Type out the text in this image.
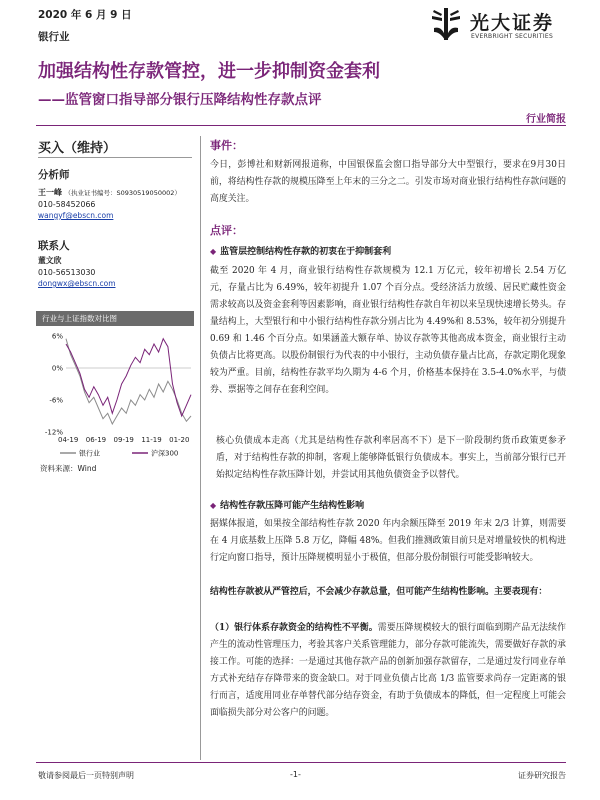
2020 年 6 月 9 日
银行业
光大证券
EVERBRIGHT SECURITIES
加强结构性存款管控，进一步抑制资金套利
——监管窗口指导部分银行压降结构性存款点评
行业简报
买入（维持）
分析师
王一峰 （执业证书编号：S0930519050002）
010-58452066
wangyf@ebscn.com
联系人
董文欣
010-56513030
dongwx@ebscn.com
行业与上证指数对比图
6%
0%
-6%
-12%
04-19 06-19 09-19 11-19 01-20
银行业	沪深300
资料来源：Wind
事件：

今日，彭博社和财新网报道称，中国银保监会窗口指导部分大中型银行，要求在9月30日前，将结构性存款的规模压降至上年末的三分之二。引发市场对商业银行结构性存款问题的高度关注。

点评：
◆ 监管层控制结构性存款的初衷在于抑制套利

截至 2020 年 4 月，商业银行结构性存款规模为 12.1 万亿元，较年初增长 2.54 万亿元，存量占比为 6.49%，较年初提升 1.07 个百分点。受经济活力放缓、居民贮藏性资金需求较高以及资金套利等因素影响，商业银行结构性存款自年初以来呈现快速增长势头。存量结构上，大型银行和中小银行结构性存款分别占比为 4.49%和 8.53%，较年初分别提升 0.69 和 1.46 个百分点。如果涵盖大额存单、协议存款等其他高成本资金，商业银行主动负债占比将更高。以股份制银行为代表的中小银行，主动负债存量占比高，存款定期化现象较为严重。目前，结构性存款平均久期为 4-6 个月，价格基本保持在 3.5-4.0%水平，与债券、票据等之间存在套利空间。

核心负债成本走高（尤其是结构性存款利率居高不下）是下一阶段制约货币政策更参矛盾，对于结构性存款的抑制，客观上能够降低银行负债成本。事实上，当前部分银行已开始拟定结构性存款压降计划，并尝试用其他负债资金予以替代。

◆ 结构性存款压降可能产生结构性影响

据媒体报道，如果按全部结构性存款 2020 年内余额压降至 2019 年末 2/3 计算，则需要在 4 月底基数上压降 5.8 万亿，降幅 48%。但我们推测政策目前只是对增量较快的机构进行定向窗口指导，预计压降规模明显小于极值，但部分股份制银行可能受影响较大。

结构性存款被从严管控后，不会减少存款总量，但可能产生结构性影响。主要表现有：

（1）银行体系存款资金的结构性不平衡。需要压降规模较大的银行面临到期产品无法续作产生的流动性管理压力，考验其客户关系管理能力，部分存款可能流失，需要做好存款的承接工作。可能的选择：一是通过其他存款产品的创新加强存款留存，二是通过发行同业存单方式补充结存存降带来的资金缺口。对于同业负债占比高 1/3 监管要求尚存一定距离的银行而言，适度用同业存单替代部分结存资金，有助于负债成本的降低，但一定程度上可能会面临损失部分对公客户的问题。

敬请参阅最后一页特别声明	-1-	证券研究报告
